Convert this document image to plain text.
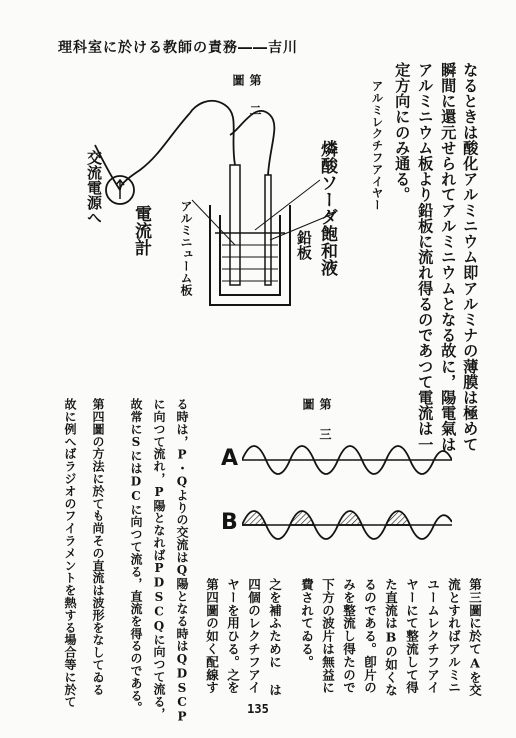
理科室に於ける教師の責務――吉川
なるときは酸化アルミニウム即アルミナの薄膜は極めて
瞬間に還元せられてアルミニウムとなる故に，陽電氣は
アルミニウム板より鉛板に流れ得るのであつて電流は一
定方向にのみ通る。
アルミレクチフアイヤー
第　二　圖
燐酸ソーダ飽和液
鉛板
アルミニューム板
電流計
交流電源へ
第　三　圖
A
B
第三圖に於てAを交
流とすればアルミニ
ユームレクチフアイ
ヤーにて整流して得
た直流はBの如くな
るのである。卽片の
みを整流し得たので
下方の波片は無益に
費されてゐる。
之を補ふために は
四個のレクチフアイ
ヤーを用ひる。之を
第四圖の如く配線す
る時は，P・Qよりの交流はQ陽となる時はQDSCP
に向つて流れ，P陽となればPDSCQに向つて流る，
故常にSにはDCに向つて流る，直流を得るのである。
第四圖の方法に於ても尚その直流は波形をなしてゐる
故に例へばラジオのフイラメントを熱する場合等に於て
135
